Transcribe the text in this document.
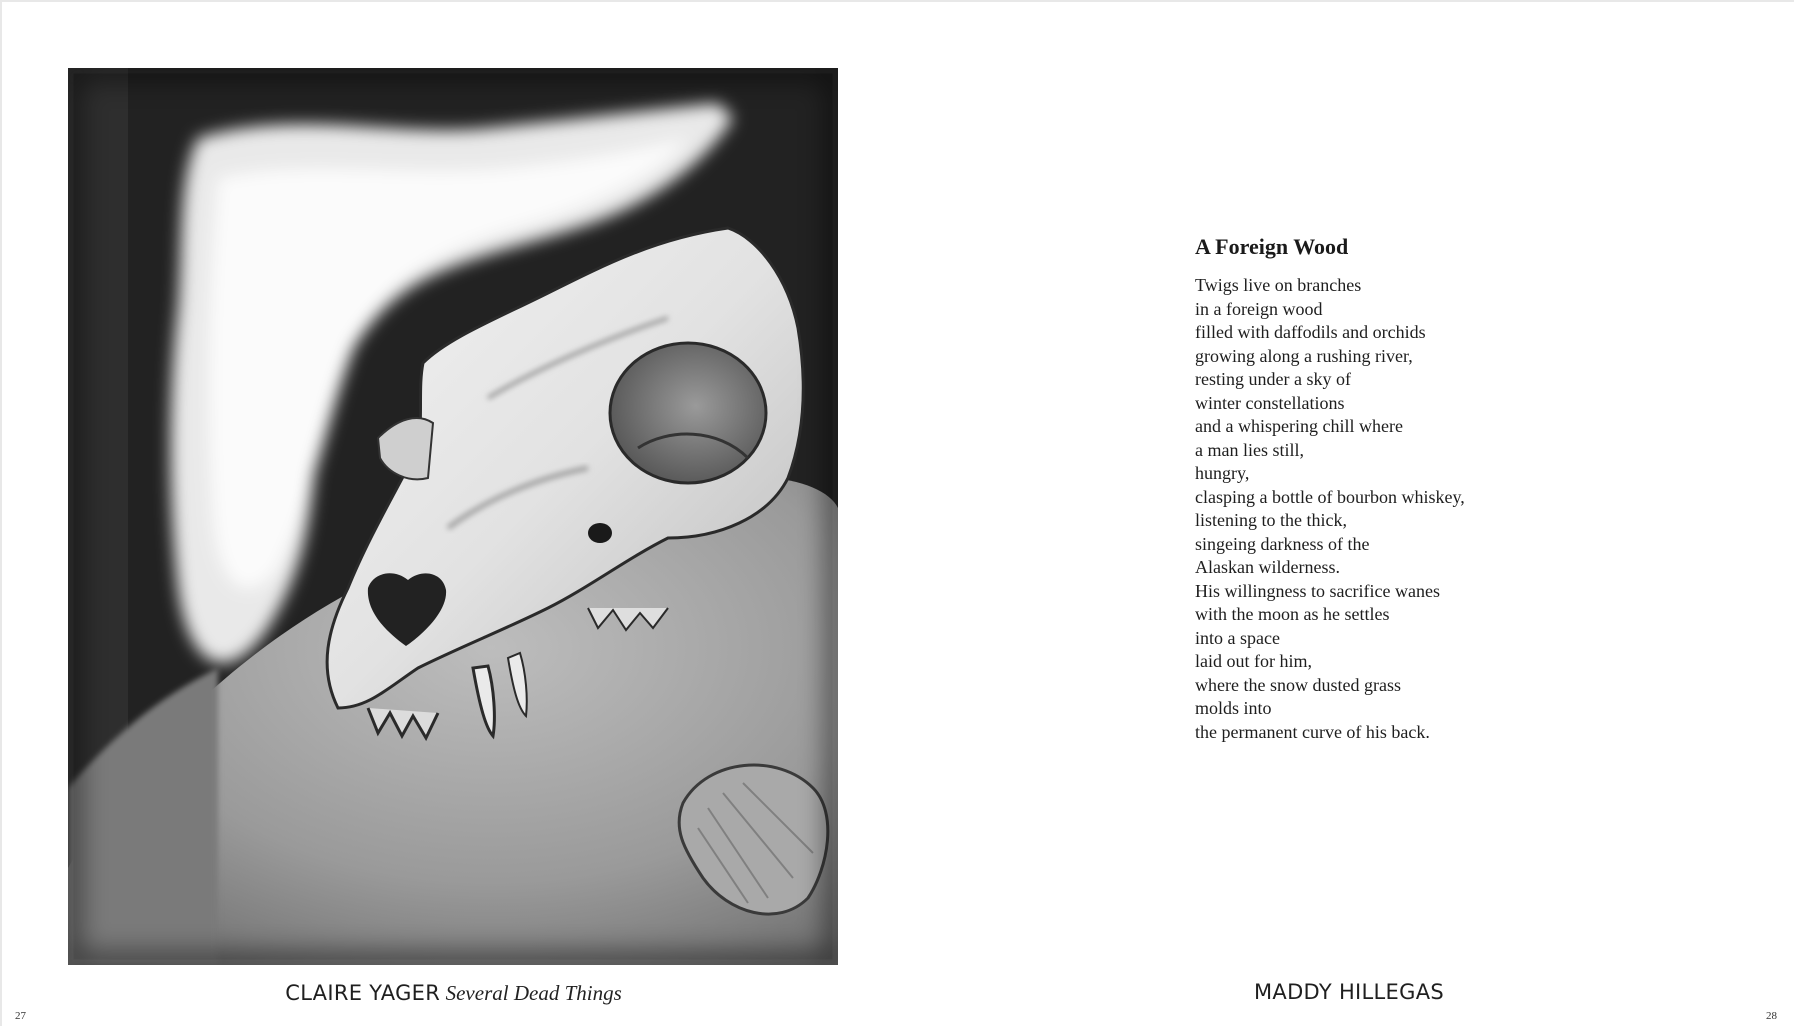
CLAIRE YAGER Several Dead Things
27
A Foreign Wood
Twigs live on branches
in a foreign wood
filled with daffodils and orchids
growing along a rushing river,
resting under a sky of
winter constellations
and a whispering chill where
a man lies still,
hungry,
clasping a bottle of bourbon whiskey,
listening to the thick,
singeing darkness of the
Alaskan wilderness.
His willingness to sacrifice wanes
with the moon as he settles
into a space
laid out for him,
where the snow dusted grass
molds into
the permanent curve of his back.
MADDY HILLEGAS
28
